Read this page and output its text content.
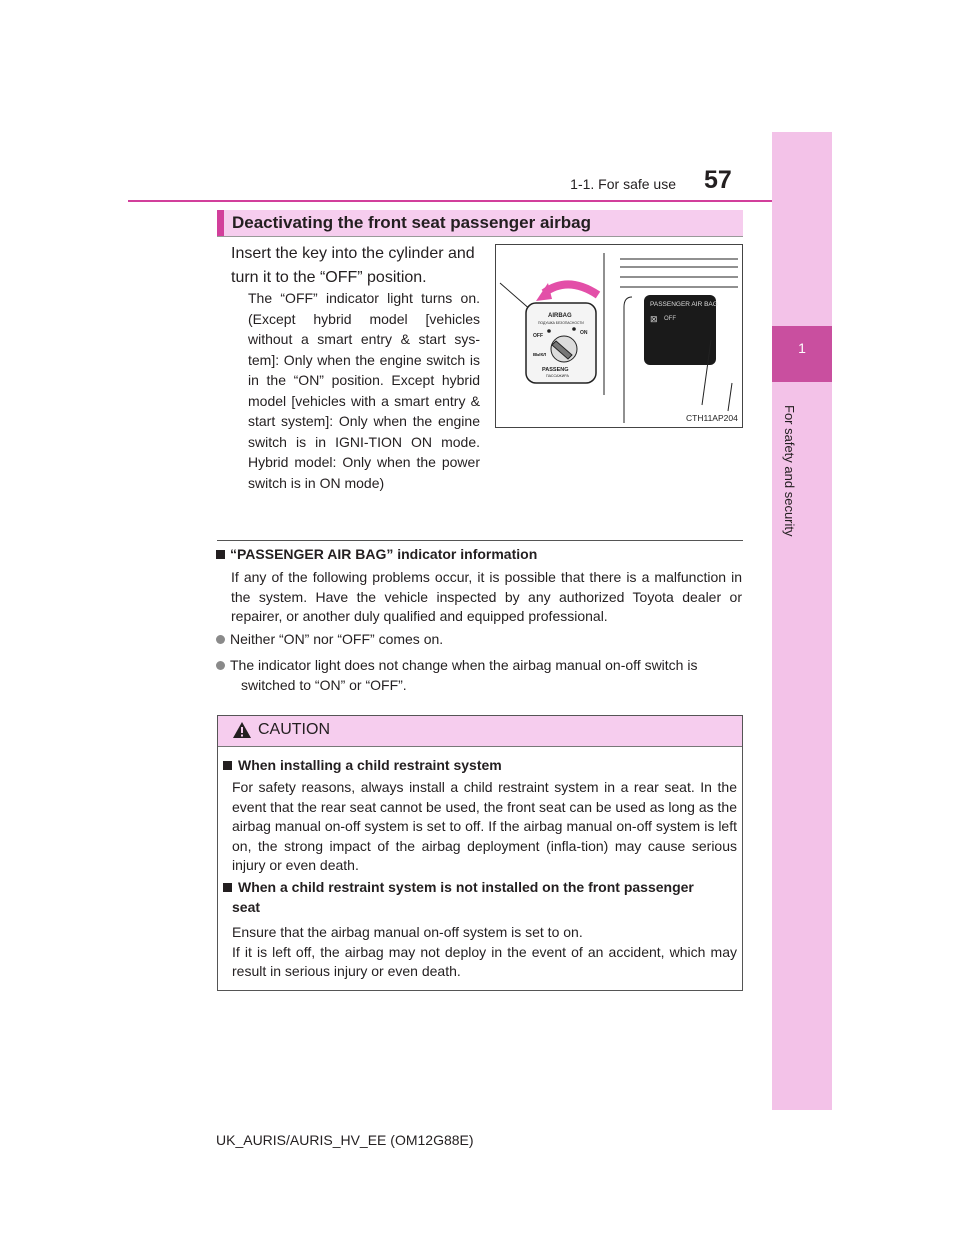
1-1. For safe use 57
1
For safety and security
Deactivating the front seat passenger airbag
Insert the key into the cylinder and turn it to the “OFF” position.
The “OFF” indicator light turns on. (Except hybrid model [vehicles without a smart entry & start sys-tem]: Only when the engine switch is in the “ON” position. Except hybrid model [vehicles with a smart entry & start system]: Only when the engine switch is in IGNI-TION ON mode. Hybrid model: Only when the power switch is in ON mode)
PASSENGER AIR BAG
⊠ OFF
AIRBAG
ПОДУШКА БЕЗОПАСНОСТИ
OFF	ON
ВЫКЛ
PASSENG
ПАССАЖИРА
CTH11AP204
“PASSENGER AIR BAG” indicator information
If any of the following problems occur, it is possible that there is a malfunction in the system. Have the vehicle inspected by any authorized Toyota dealer or repairer, or another duly qualified and equipped professional.
Neither “ON” nor “OFF” comes on.
The indicator light does not change when the airbag manual on-off switch is
switched to “ON” or “OFF”.
CAUTION
When installing a child restraint system
For safety reasons, always install a child restraint system in a rear seat. In the event that the rear seat cannot be used, the front seat can be used as long as the airbag manual on-off system is set to off. If the airbag manual on-off system is left on, the strong impact of the airbag deployment (infla-tion) may cause serious injury or even death.
When a child restraint system is not installed on the front passenger
seat
Ensure that the airbag manual on-off system is set to on.
If it is left off, the airbag may not deploy in the event of an accident, which may result in serious injury or even death.
UK_AURIS/AURIS_HV_EE (OM12G88E)
